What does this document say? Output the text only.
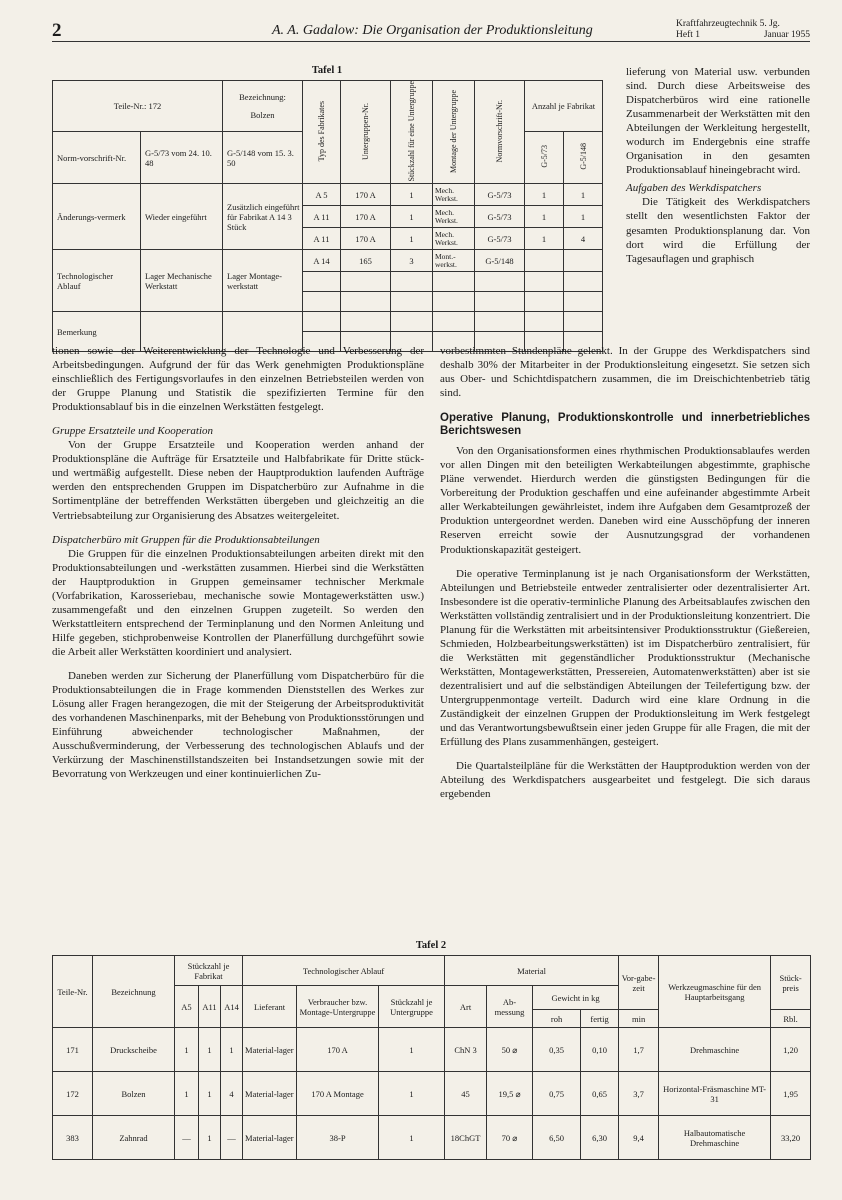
2	A. A. Gadalow: Die Organisation der Produktionsleitung	Kraftfahrzeugtechnik 5. Jg.
Heft 1	Januar 1955
Tafel 1
Teile-Nr.: 172		Bezeichnung:
Bolzen	Typ des Fabrikates	Untergruppen-Nr.	Stückzahl für eine Untergruppe	Montage der Untergruppe	Normvorschrift-Nr.	Anzahl je Fabrikat	
Norm-vorschrift-Nr.	G-5/73 vom 24. 10. 48	G-5/148 vom 15. 3. 50						G-5/73	G-5/148
Änderungs-vermerk	Wieder eingeführt	Zusätzlich eingeführt für Fabrikat A 14 3 Stück	A 5	170 A	1	Mech. Werkst.	G-5/73	1	1
			A 11	170 A	1	Mech. Werkst.	G-5/73	1	1
			A 11	170 A	1	Mech. Werkst.	G-5/73	1	4
Technologischer Ablauf	Lager Mechanische Werkstatt	Lager Montage-werkstatt	A 14	165	3	Mont.-werkst.	G-5/148		

Bemerkung									

lieferung von Material usw. verbunden sind. Durch diese Arbeitsweise des Dispatcherbüros wird eine rationelle Zusammenarbeit der Werkstätten mit den Abteilungen der Werkleitung hergestellt, wodurch im Endergebnis eine straffe Organisation in den gesamten Produktionsablauf hineingebracht wird.

Aufgaben des Werkdispatchers

Die Tätigkeit des Werkdispatchers stellt den wesentlichsten Faktor der gesamten Produktionsplanung dar. Von dort wird die Erfüllung der Tagesauflagen und graphisch

tionen sowie der Weiterentwicklung der Technologie und Verbesserung der Arbeitsbedingungen. Aufgrund der für das Werk genehmigten Produktionspläne einschließlich des Fertigungsvorlaufes in den einzelnen Betriebsteilen werden von der Gruppe Planung und Statistik die spezifizierten Termine für den Produktionsablauf bis in die einzelnen Werkstätten festgelegt.

Gruppe Ersatzteile und Kooperation

Von der Gruppe Ersatzteile und Kooperation werden anhand der Produktionspläne die Aufträge für Ersatzteile und Halbfabrikate für Dritte stück- und wertmäßig aufgestellt. Diese neben der Hauptproduktion laufenden Aufträge werden den entsprechenden Gruppen im Dispatcherbüro zur Aufnahme in die Sortimentpläne der betreffenden Werkstätten übergeben und gleichzeitig an die Vertriebsabteilung zur Organisierung des Absatzes weitergeleitet.

Dispatcherbüro mit Gruppen für die Produktionsabteilungen

Die Gruppen für die einzelnen Produktionsabteilungen arbeiten direkt mit den Produktionsabteilungen und -werkstätten zusammen. Hierbei sind die Werkstätten der Hauptproduktion in Gruppen gemeinsamer technischer Merkmale (Vorfabrikation, Karosseriebau, mechanische sowie Montagewerkstätten usw.) zusammengefaßt und den einzelnen Gruppen zugeteilt. So werden den Werkstattleitern entsprechend der Terminplanung und den Normen Anleitung und Hilfe gegeben, stichprobenweise Kontrollen der Planerfüllung durchgeführt sowie die Arbeit aller Werkstätten koordiniert und analysiert.

Daneben werden zur Sicherung der Planerfüllung vom Dispatcherbüro für die Produktionsabteilungen die in Frage kommenden Dienststellen des Werkes zur Lösung aller Fragen herangezogen, die mit der Steigerung der Arbeitsproduktivität des vorhandenen Maschinenparks, mit der Behebung von Produktionsstörungen und Einführung abweichender technologischer Maßnahmen, der Ausschußverminderung, der Verbesserung des technologischen Ablaufs und der Verkürzung der Maschinenstillstandszeiten bei Instandsetzungen sowie mit der Bevorratung von Werkzeugen und einer kontinuierlichen Zu-

vorbestimmten Stundenpläne gelenkt. In der Gruppe des Werkdispatchers sind deshalb 30% der Mitarbeiter in der Produktionsleitung eingesetzt. Sie setzen sich aus Ober- und Schichtdispatchern zusammen, die im Dreischichtenbetrieb tätig sind.

Operative Planung, Produktionskontrolle und innerbetriebliches Berichtswesen

Von den Organisationsformen eines rhythmischen Produktionsablaufes werden vor allen Dingen mit den beteiligten Werkabteilungen abgestimmte, graphische Pläne verwendet. Hierdurch werden die günstigsten Bedingungen für die Vorbereitung der Produktion geschaffen und eine aufeinander abgestimmte Arbeit aller Werkabteilungen gewährleistet, indem ihre Aufgaben dem Gesamtprozeß der Produktion untergeordnet werden. Daneben wird eine Ausschöpfung der inneren Reserven erreicht sowie der Ausnutzungsgrad der vorhandenen Produktionskapazität gesteigert.

Die operative Terminplanung ist je nach Organisationsform der Werkstätten, Abteilungen und Betriebsteile entweder zentralisierter oder dezentralisierter Art. Insbesondere ist die operativ-terminliche Planung des Arbeitsablaufes zwischen den Werkstätten vollständig zentralisiert und in der Produktionsleitung konzentriert. Die Planung für die Werkstätten mit arbeitsintensiver Produktionsstruktur (Gießereien, Schmieden, Holzbearbeitungswerkstätten) ist im Dispatcherbüro zentralisiert, für die Werkstätten mit gegenständlicher Produktionsstruktur (Mechanische Werkstätten, Montagewerkstätten, Pressereien, Automatenwerkstätten) aber ist sie dezentralisiert und auf die selbständigen Abteilungen der Teilefertigung bzw. der Untergruppenmontage verteilt. Dadurch wird eine klare Ordnung in die Zuständigkeit der einzelnen Gruppen der Produktionsleitung im Werk festgelegt und das Verantwortungsbewußtsein einer jeden Gruppe für alle Fragen, die mit der Erfüllung des Plans zusammenhängen, gesteigert.

Die Quartalsteilpläne für die Werkstätten der Hauptproduktion werden von der Abteilung des Werkdispatchers ausgearbeitet und festgelegt. Die sich daraus ergebenden

Tafel 2
Teile-Nr.	Bezeichnung	Stückzahl je Fabrikat			Technologischer Ablauf			Material				Vor-gabe-zeit	Werkzeugmaschine für den Hauptarbeitsgang	Stück-preis
		A5	A11	A14	Lieferant	Verbraucher bzw. Montage-Untergruppe	Stückzahl je Untergruppe	Art	Ab-messung	Gewicht in kg				
										roh	fertig	min		Rbl.
171	Druckscheibe	1	1	1	Material-lager	170 A	1	ChN 3	50 ⌀	0,35	0,10	1,7	Drehmaschine	1,20
172	Bolzen	1	1	4	Material-lager	170 A Montage	1	45	19,5 ⌀	0,75	0,65	3,7	Horizontal-Fräsmaschine MT-31	1,95
383	Zahnrad	—	1	—	Material-lager	38-P	1	18ChGT	70 ⌀	6,50	6,30	9,4	Halbautomatische Drehmaschine	33,20
